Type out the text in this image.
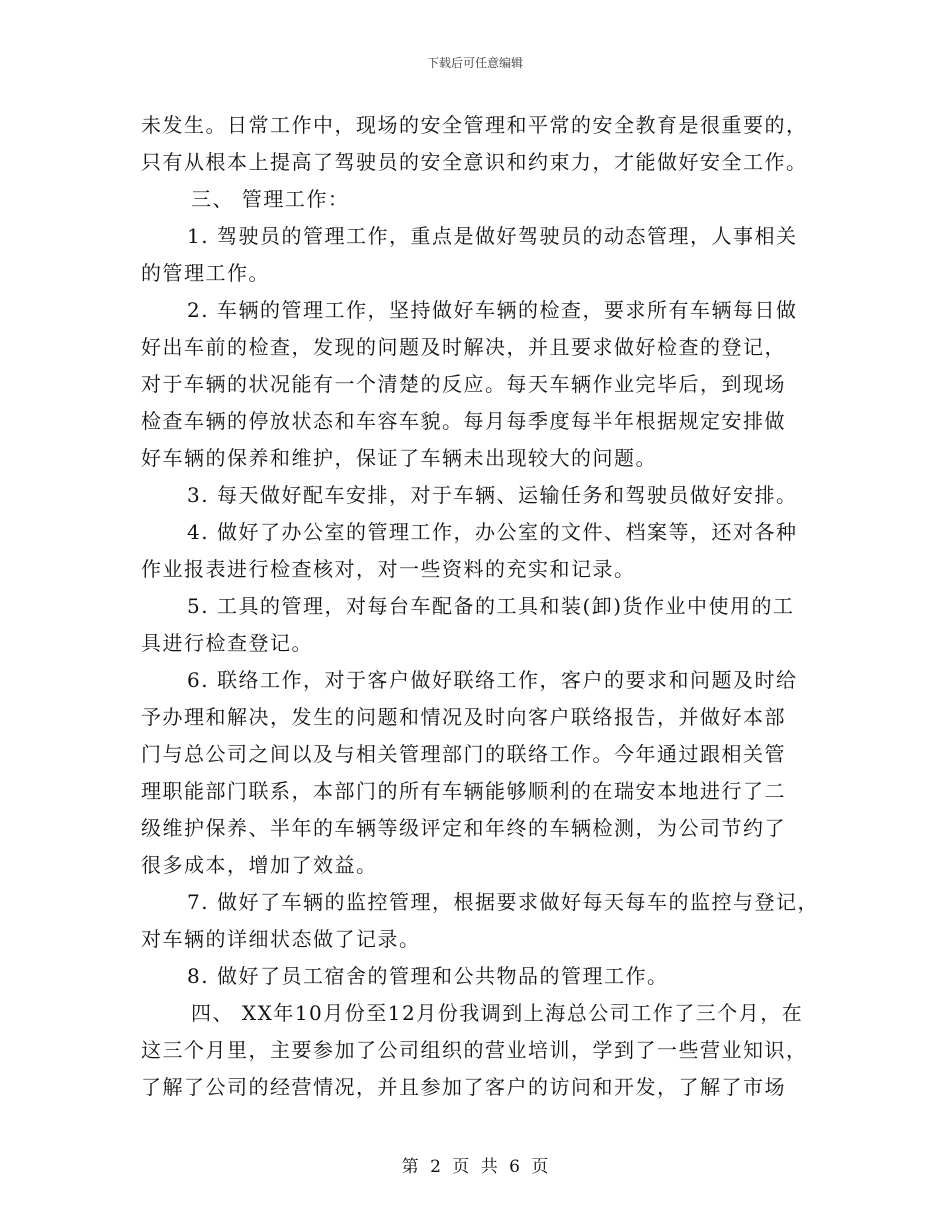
下载后可任意编辑
未发生。日常工作中，现场的安全管理和平常的安全教育是很重要的，
只有从根本上提高了驾驶员的安全意识和约束力，才能做好安全工作。
三、 管理工作：
1. 驾驶员的管理工作，重点是做好驾驶员的动态管理，人事相关
的管理工作。
2. 车辆的管理工作，坚持做好车辆的检查，要求所有车辆每日做
好出车前的检查，发现的问题及时解决，并且要求做好检查的登记，
对于车辆的状况能有一个清楚的反应。每天车辆作业完毕后，到现场
检查车辆的停放状态和车容车貌。每月每季度每半年根据规定安排做
好车辆的保养和维护，保证了车辆未出现较大的问题。
3. 每天做好配车安排，对于车辆、运输任务和驾驶员做好安排。
4. 做好了办公室的管理工作，办公室的文件、档案等，还对各种
作业报表进行检查核对，对一些资料的充实和记录。
5. 工具的管理，对每台车配备的工具和装(卸)货作业中使用的工
具进行检查登记。
6. 联络工作，对于客户做好联络工作，客户的要求和问题及时给
予办理和解决，发生的问题和情况及时向客户联络报告，并做好本部
门与总公司之间以及与相关管理部门的联络工作。今年通过跟相关管
理职能部门联系，本部门的所有车辆能够顺利的在瑞安本地进行了二
级维护保养、半年的车辆等级评定和年终的车辆检测，为公司节约了
很多成本，增加了效益。
7. 做好了车辆的监控管理，根据要求做好每天每车的监控与登记，
对车辆的详细状态做了记录。
8. 做好了员工宿舍的管理和公共物品的管理工作。
四、 XX年10月份至12月份我调到上海总公司工作了三个月，在
这三个月里，主要参加了公司组织的营业培训，学到了一些营业知识，
了解了公司的经营情况，并且参加了客户的访问和开发，了解了市场
第 2 页 共 6 页
